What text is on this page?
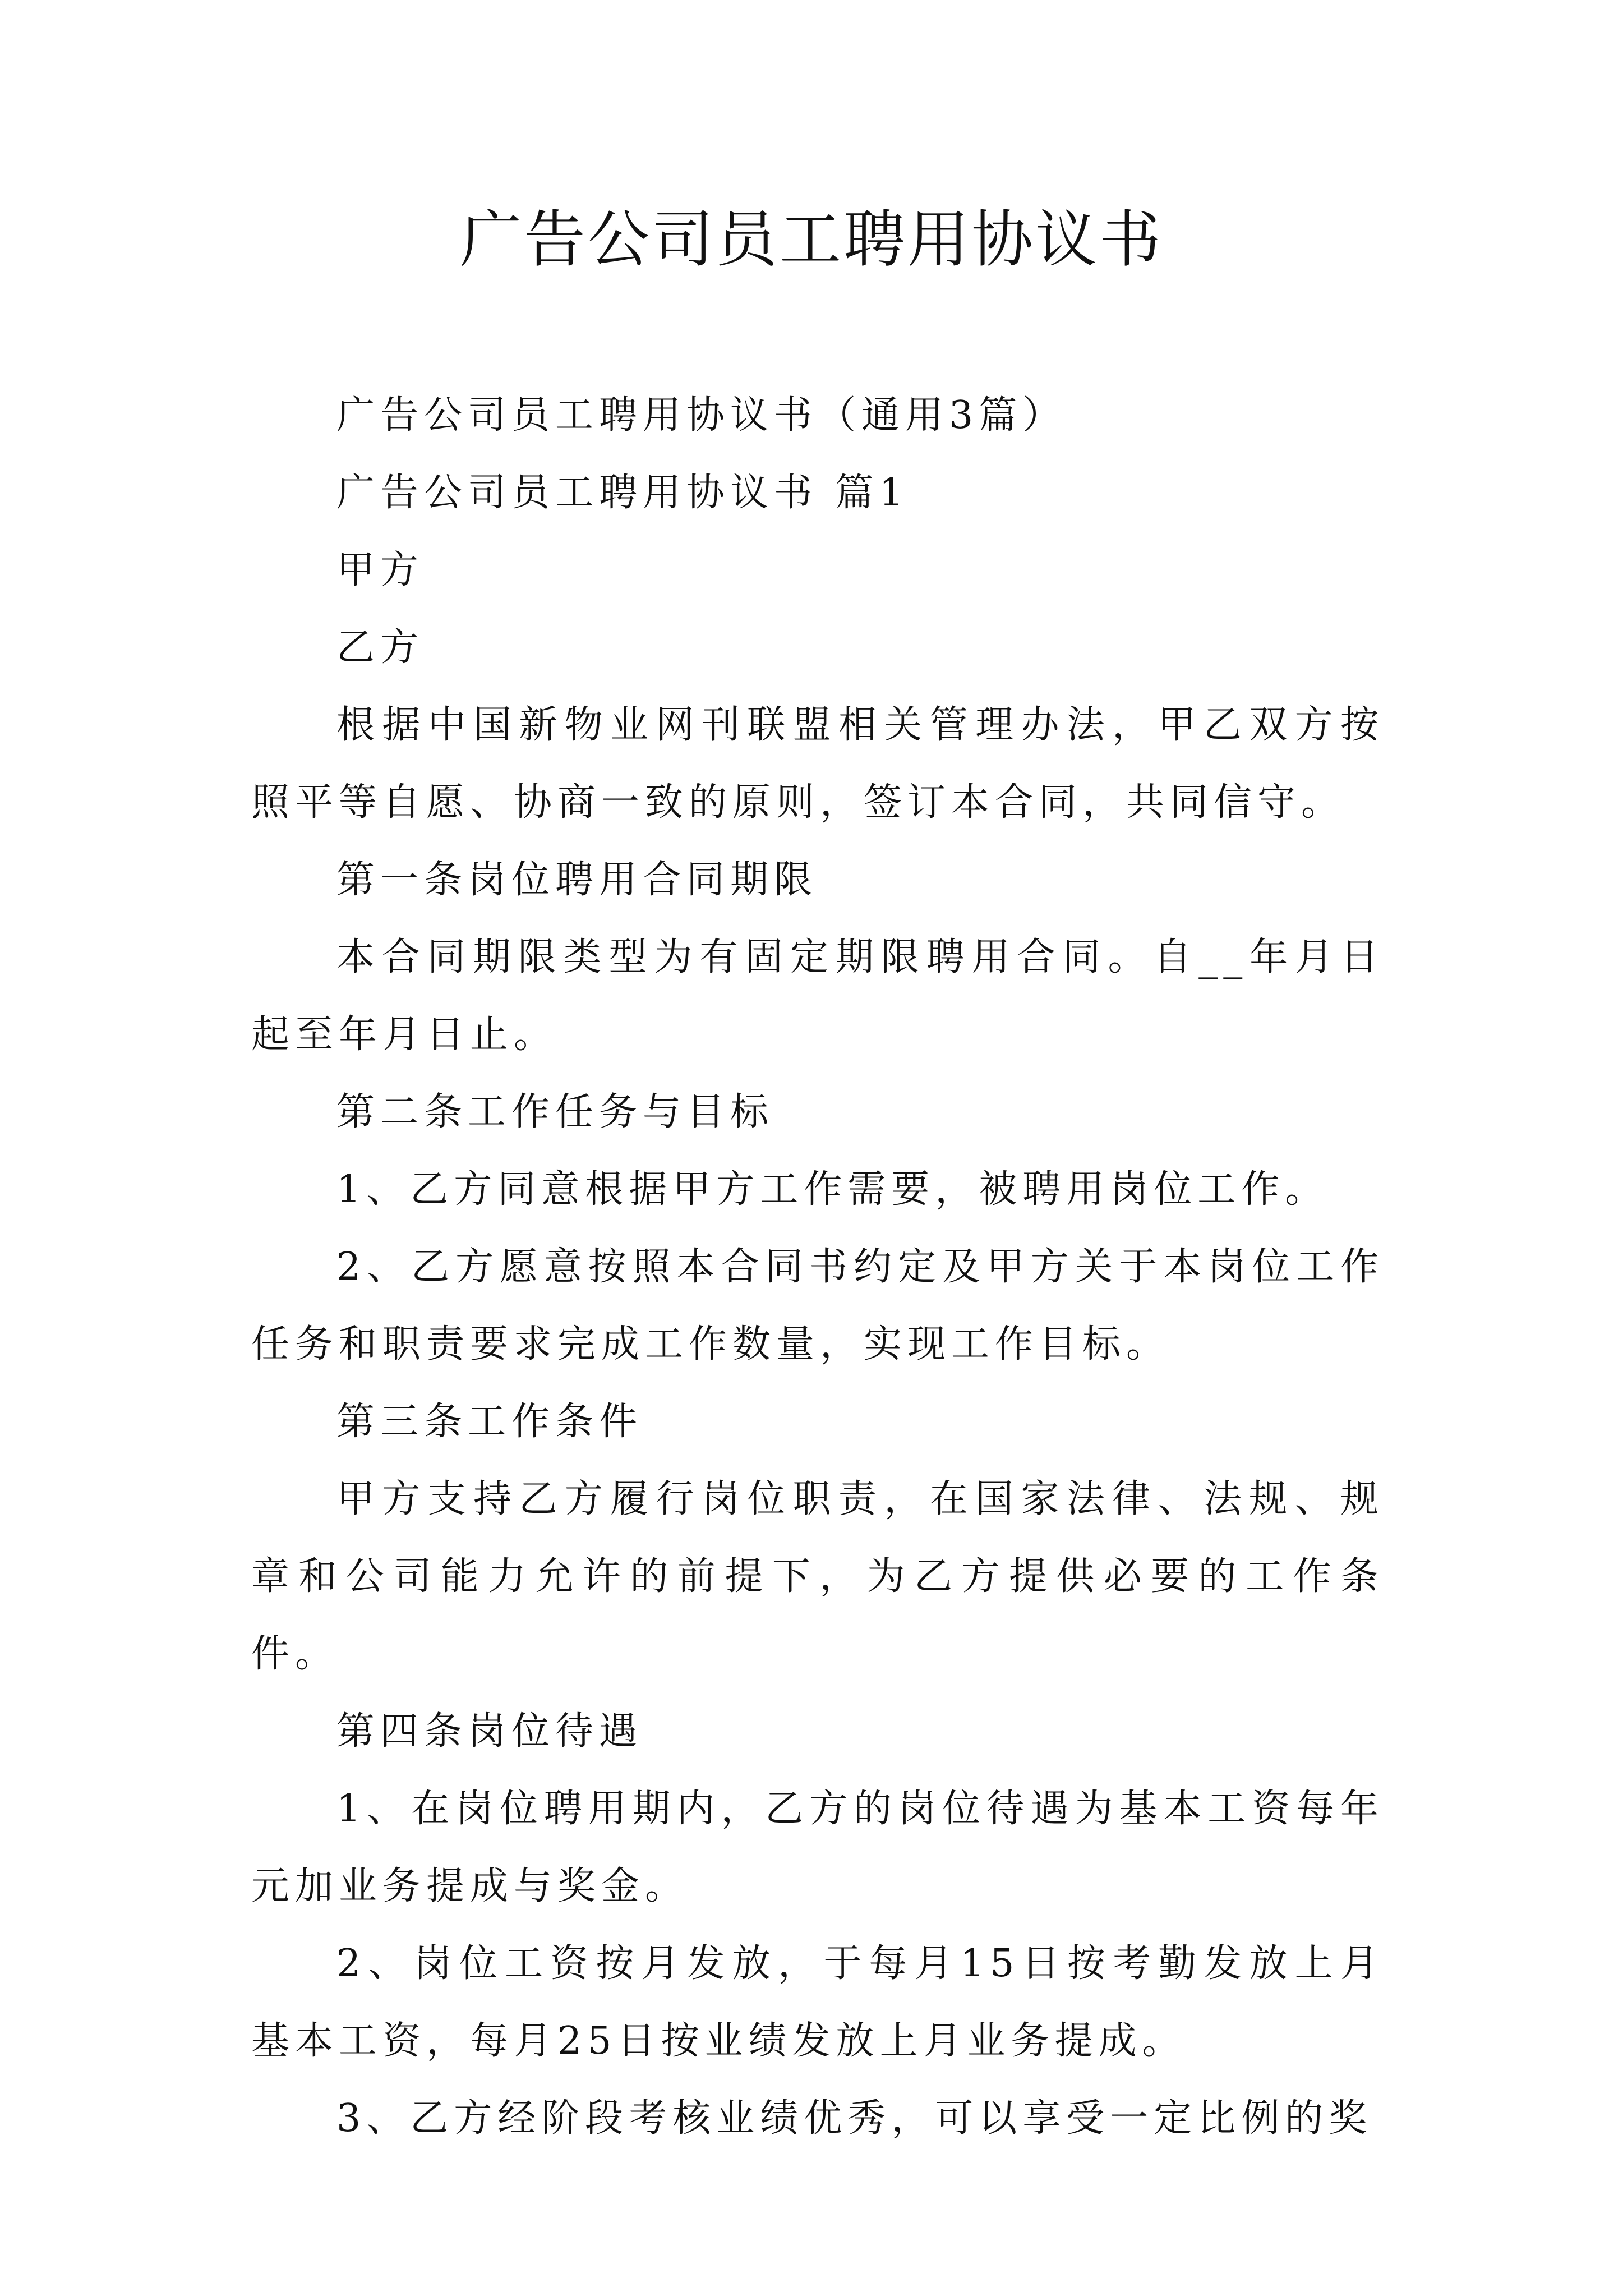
广告公司员工聘用协议书

广告公司员工聘用协议书（通用3篇）

广告公司员工聘用协议书 篇1

甲方

乙方

根据中国新物业网刊联盟相关管理办法，甲乙双方按照平等自愿、协商一致的原则，签订本合同，共同信守。

第一条岗位聘用合同期限

本合同期限类型为有固定期限聘用合同。自__年月日起至年月日止。

第二条工作任务与目标

1、乙方同意根据甲方工作需要，被聘用岗位工作。

2、乙方愿意按照本合同书约定及甲方关于本岗位工作任务和职责要求完成工作数量，实现工作目标。

第三条工作条件

甲方支持乙方履行岗位职责，在国家法律、法规、规章和公司能力允许的前提下，为乙方提供必要的工作条件。

第四条岗位待遇

1、在岗位聘用期内，乙方的岗位待遇为基本工资每年元加业务提成与奖金。

2、岗位工资按月发放，于每月15日按考勤发放上月基本工资，每月25日按业绩发放上月业务提成。

3、乙方经阶段考核业绩优秀，可以享受一定比例的奖
